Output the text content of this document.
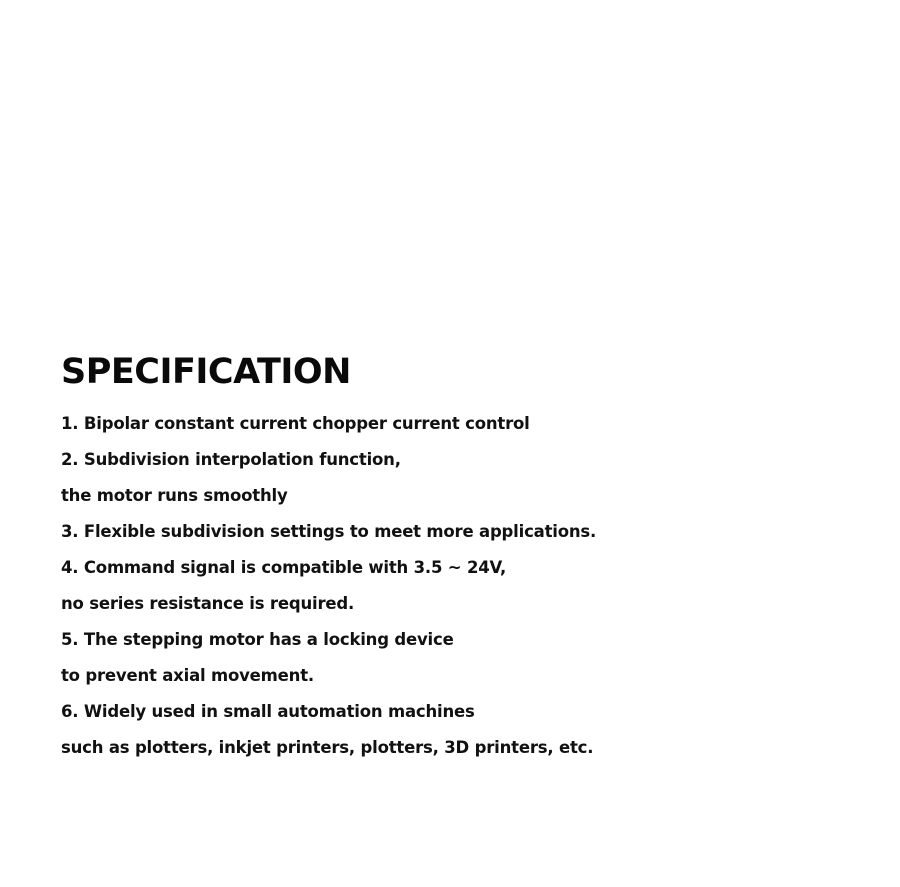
SPECIFICATION
1. Bipolar constant current chopper current control
2. Subdivision interpolation function,
the motor runs smoothly
3. Flexible subdivision settings to meet more applications.
4. Command signal is compatible with 3.5 ~ 24V,
no series resistance is required.
5. The stepping motor has a locking device
to prevent axial movement.
6. Widely used in small automation machines
such as plotters, inkjet printers, plotters, 3D printers, etc.
